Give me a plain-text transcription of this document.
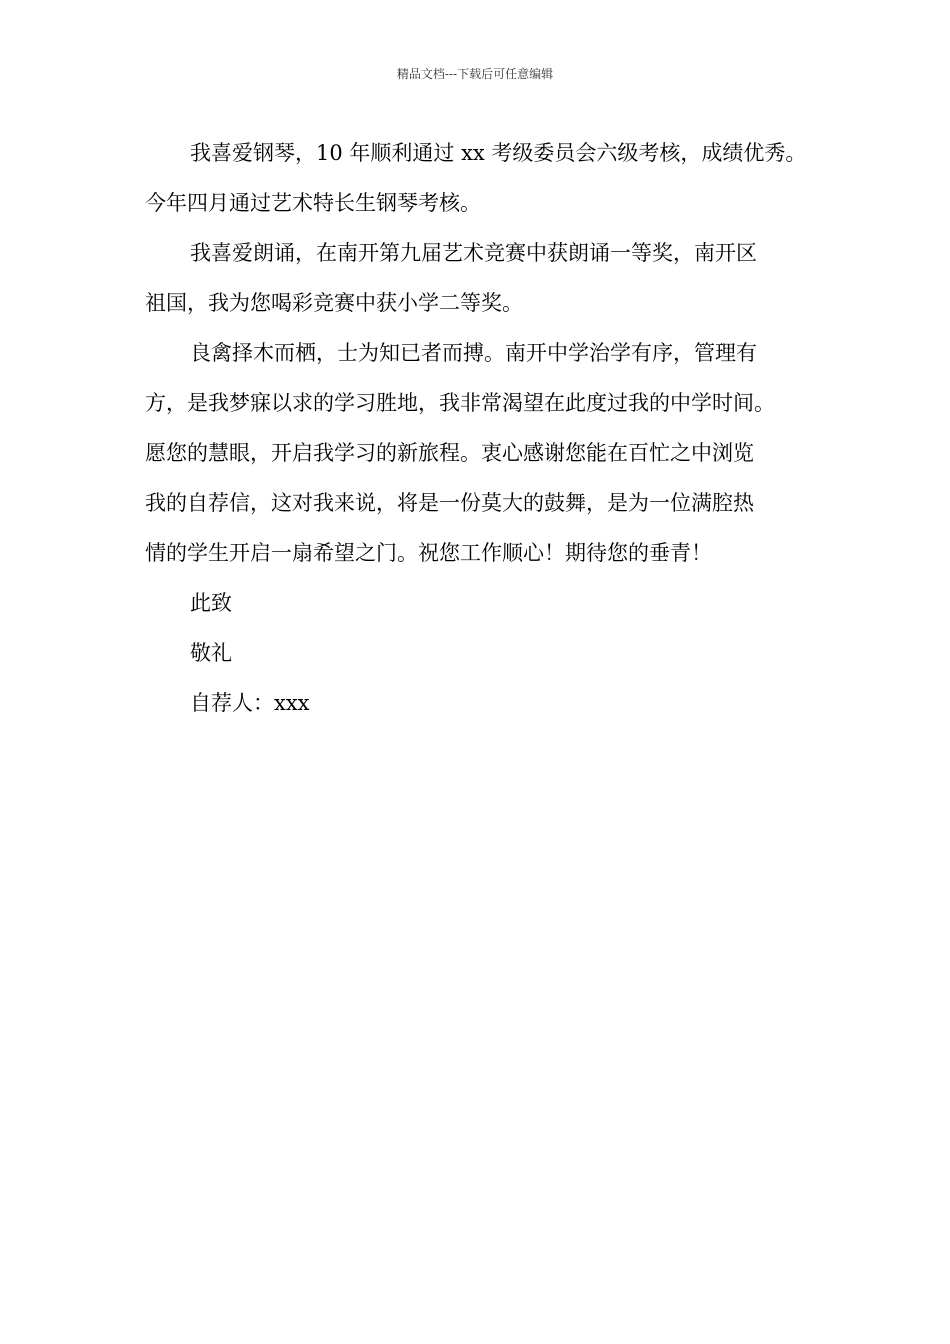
精品文档---下载后可任意编辑

我喜爱钢琴，10 年顺利通过 xx 考级委员会六级考核，成绩优秀。

今年四月通过艺术特长生钢琴考核。

我喜爱朗诵，在南开第九届艺术竞赛中获朗诵一等奖，南开区

祖国，我为您喝彩竞赛中获小学二等奖。

良禽择木而栖，士为知已者而搏。南开中学治学有序，管理有

方，是我梦寐以求的学习胜地，我非常渴望在此度过我的中学时间。

愿您的慧眼，开启我学习的新旅程。衷心感谢您能在百忙之中浏览

我的自荐信，这对我来说，将是一份莫大的鼓舞，是为一位满腔热

情的学生开启一扇希望之门。祝您工作顺心！期待您的垂青！

此致

敬礼

自荐人：xxx
